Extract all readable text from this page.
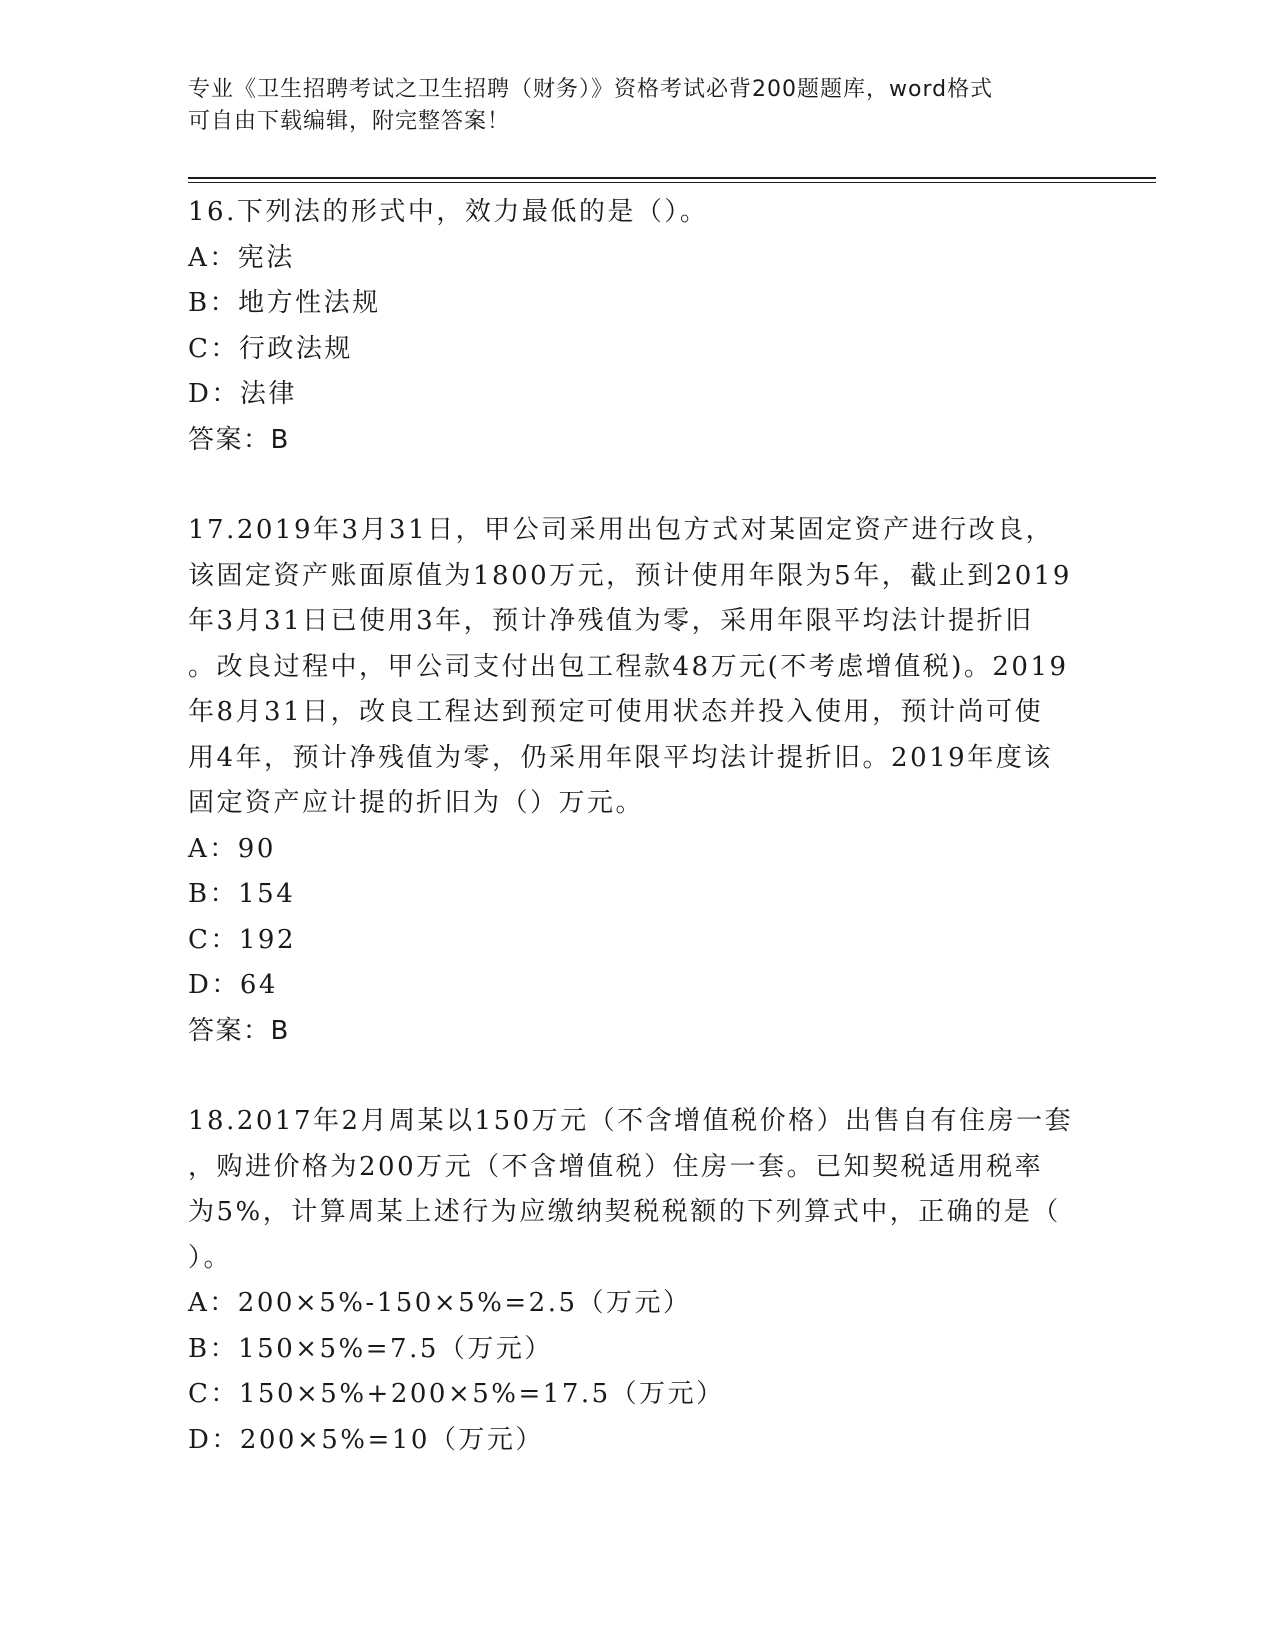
专业《卫生招聘考试之卫生招聘（财务）》资格考试必背200题题库，word格式
可自由下载编辑，附完整答案！
16.下列法的形式中，效力最低的是（）。
A：宪法
B：地方性法规
C：行政法规
D：法律
答案：B
17.2019年3月31日，甲公司采用出包方式对某固定资产进行改良，
该固定资产账面原值为1800万元，预计使用年限为5年，截止到2019
年3月31日已使用3年，预计净残值为零，采用年限平均法计提折旧
。改良过程中，甲公司支付出包工程款48万元(不考虑增值税)。2019
年8月31日，改良工程达到预定可使用状态并投入使用，预计尚可使
用4年，预计净残值为零，仍采用年限平均法计提折旧。2019年度该
固定资产应计提的折旧为（）万元。
A：90
B：154
C：192
D：64
答案：B
18.2017年2月周某以150万元（不含增值税价格）出售自有住房一套
，购进价格为200万元（不含增值税）住房一套。已知契税适用税率
为5%，计算周某上述行为应缴纳契税税额的下列算式中，正确的是（
）。
A：200×5%-150×5%=2.5（万元）
B：150×5%=7.5（万元）
C：150×5%+200×5%=17.5（万元）
D：200×5%=10（万元）
